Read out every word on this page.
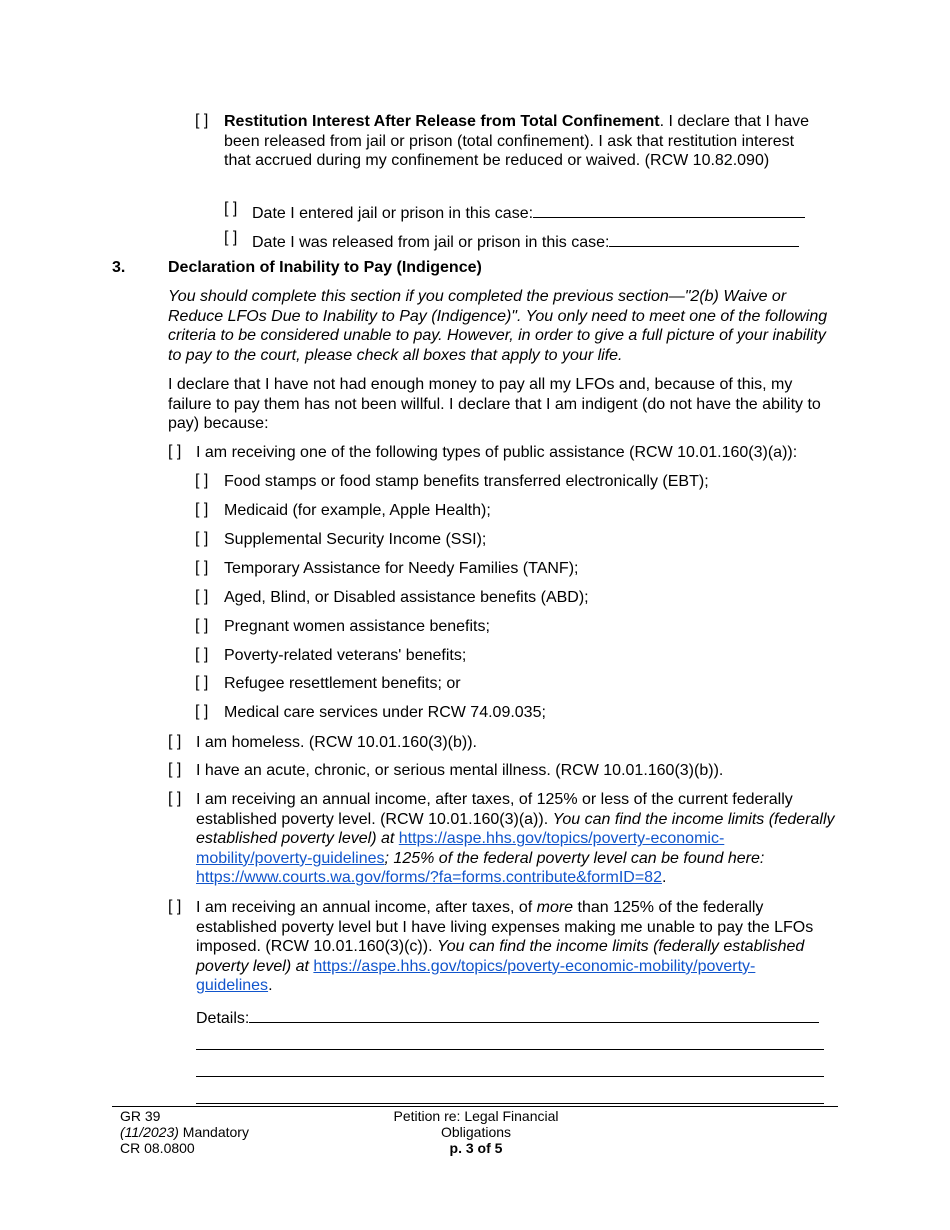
[ ] Restitution Interest After Release from Total Confinement. I declare that I have been released from jail or prison (total confinement). I ask that restitution interest that accrued during my confinement be reduced or waived. (RCW 10.82.090)
[ ] Date I entered jail or prison in this case:
[ ] Date I was released from jail or prison in this case:
3.	Declaration of Inability to Pay (Indigence)
You should complete this section if you completed the previous section—"2(b) Waive or Reduce LFOs Due to Inability to Pay (Indigence)". You only need to meet one of the following criteria to be considered unable to pay. However, in order to give a full picture of your inability to pay to the court, please check all boxes that apply to your life.
I declare that I have not had enough money to pay all my LFOs and, because of this, my failure to pay them has not been willful. I declare that I am indigent (do not have the ability to pay) because:
[ ] I am receiving one of the following types of public assistance (RCW 10.01.160(3)(a)):
[ ] Food stamps or food stamp benefits transferred electronically (EBT);
[ ] Medicaid (for example, Apple Health);
[ ] Supplemental Security Income (SSI);
[ ] Temporary Assistance for Needy Families (TANF);
[ ] Aged, Blind, or Disabled assistance benefits (ABD);
[ ] Pregnant women assistance benefits;
[ ] Poverty-related veterans' benefits;
[ ] Refugee resettlement benefits; or
[ ] Medical care services under RCW 74.09.035;
[ ] I am homeless. (RCW 10.01.160(3)(b)).
[ ] I have an acute, chronic, or serious mental illness. (RCW 10.01.160(3)(b)).
[ ] I am receiving an annual income, after taxes, of 125% or less of the current federally established poverty level. (RCW 10.01.160(3)(a)). You can find the income limits (federally established poverty level) at https://aspe.hhs.gov/topics/poverty-economic-mobility/poverty-guidelines; 125% of the federal poverty level can be found here: https://www.courts.wa.gov/forms/?fa=forms.contribute&formID=82.
[ ] I am receiving an annual income, after taxes, of more than 125% of the federally established poverty level but I have living expenses making me unable to pay the LFOs imposed. (RCW 10.01.160(3)(c)). You can find the income limits (federally established poverty level) at https://aspe.hhs.gov/topics/poverty-economic-mobility/poverty-guidelines.
Details:
GR 39
(11/2023) Mandatory
CR 08.0800
Petition re: Legal Financial
Obligations
p. 3 of 5
